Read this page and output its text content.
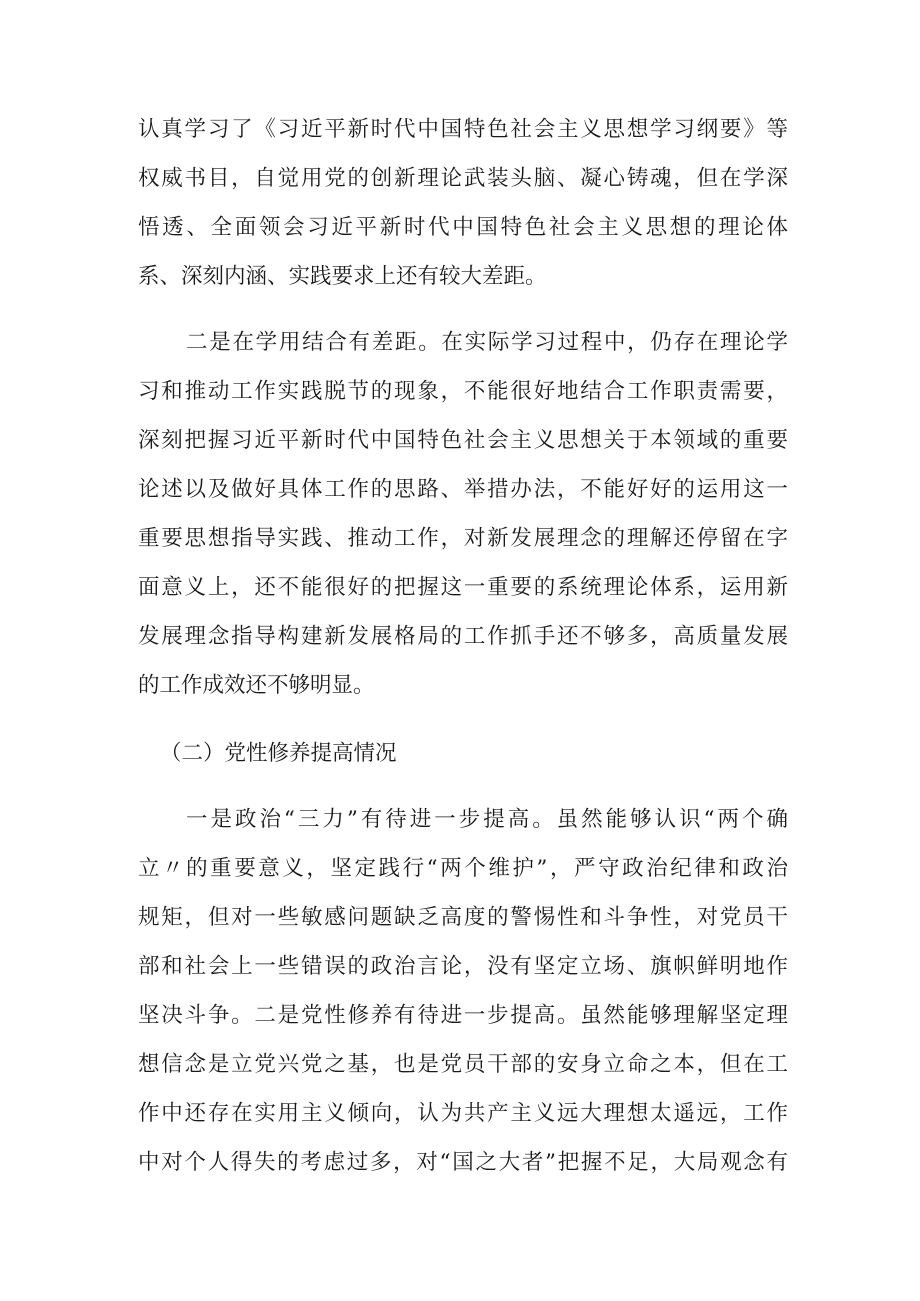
认真学习了《习近平新时代中国特色社会主义思想学习纲要》等
权威书目，自觉用党的创新理论武装头脑、凝心铸魂，但在学深
悟透、全面领会习近平新时代中国特色社会主义思想的理论体
系、深刻内涵、实践要求上还有较大差距。
二是在学用结合有差距。在实际学习过程中，仍存在理论学
习和推动工作实践脱节的现象，不能很好地结合工作职责需要，
深刻把握习近平新时代中国特色社会主义思想关于本领域的重要
论述以及做好具体工作的思路、举措办法，不能好好的运用这一
重要思想指导实践、推动工作，对新发展理念的理解还停留在字
面意义上，还不能很好的把握这一重要的系统理论体系，运用新
发展理念指导构建新发展格局的工作抓手还不够多，高质量发展
的工作成效还不够明显。
（二）党性修养提高情况
一是政治“三力”有待进一步提高。虽然能够认识“两个确
立〃的重要意义，坚定践行“两个维护”，严守政治纪律和政治
规矩，但对一些敏感问题缺乏高度的警惕性和斗争性，对党员干
部和社会上一些错误的政治言论，没有坚定立场、旗帜鲜明地作
坚决斗争。二是党性修养有待进一步提高。虽然能够理解坚定理
想信念是立党兴党之基，也是党员干部的安身立命之本，但在工
作中还存在实用主义倾向，认为共产主义远大理想太遥远，工作
中对个人得失的考虑过多，对“国之大者”把握不足，大局观念有
